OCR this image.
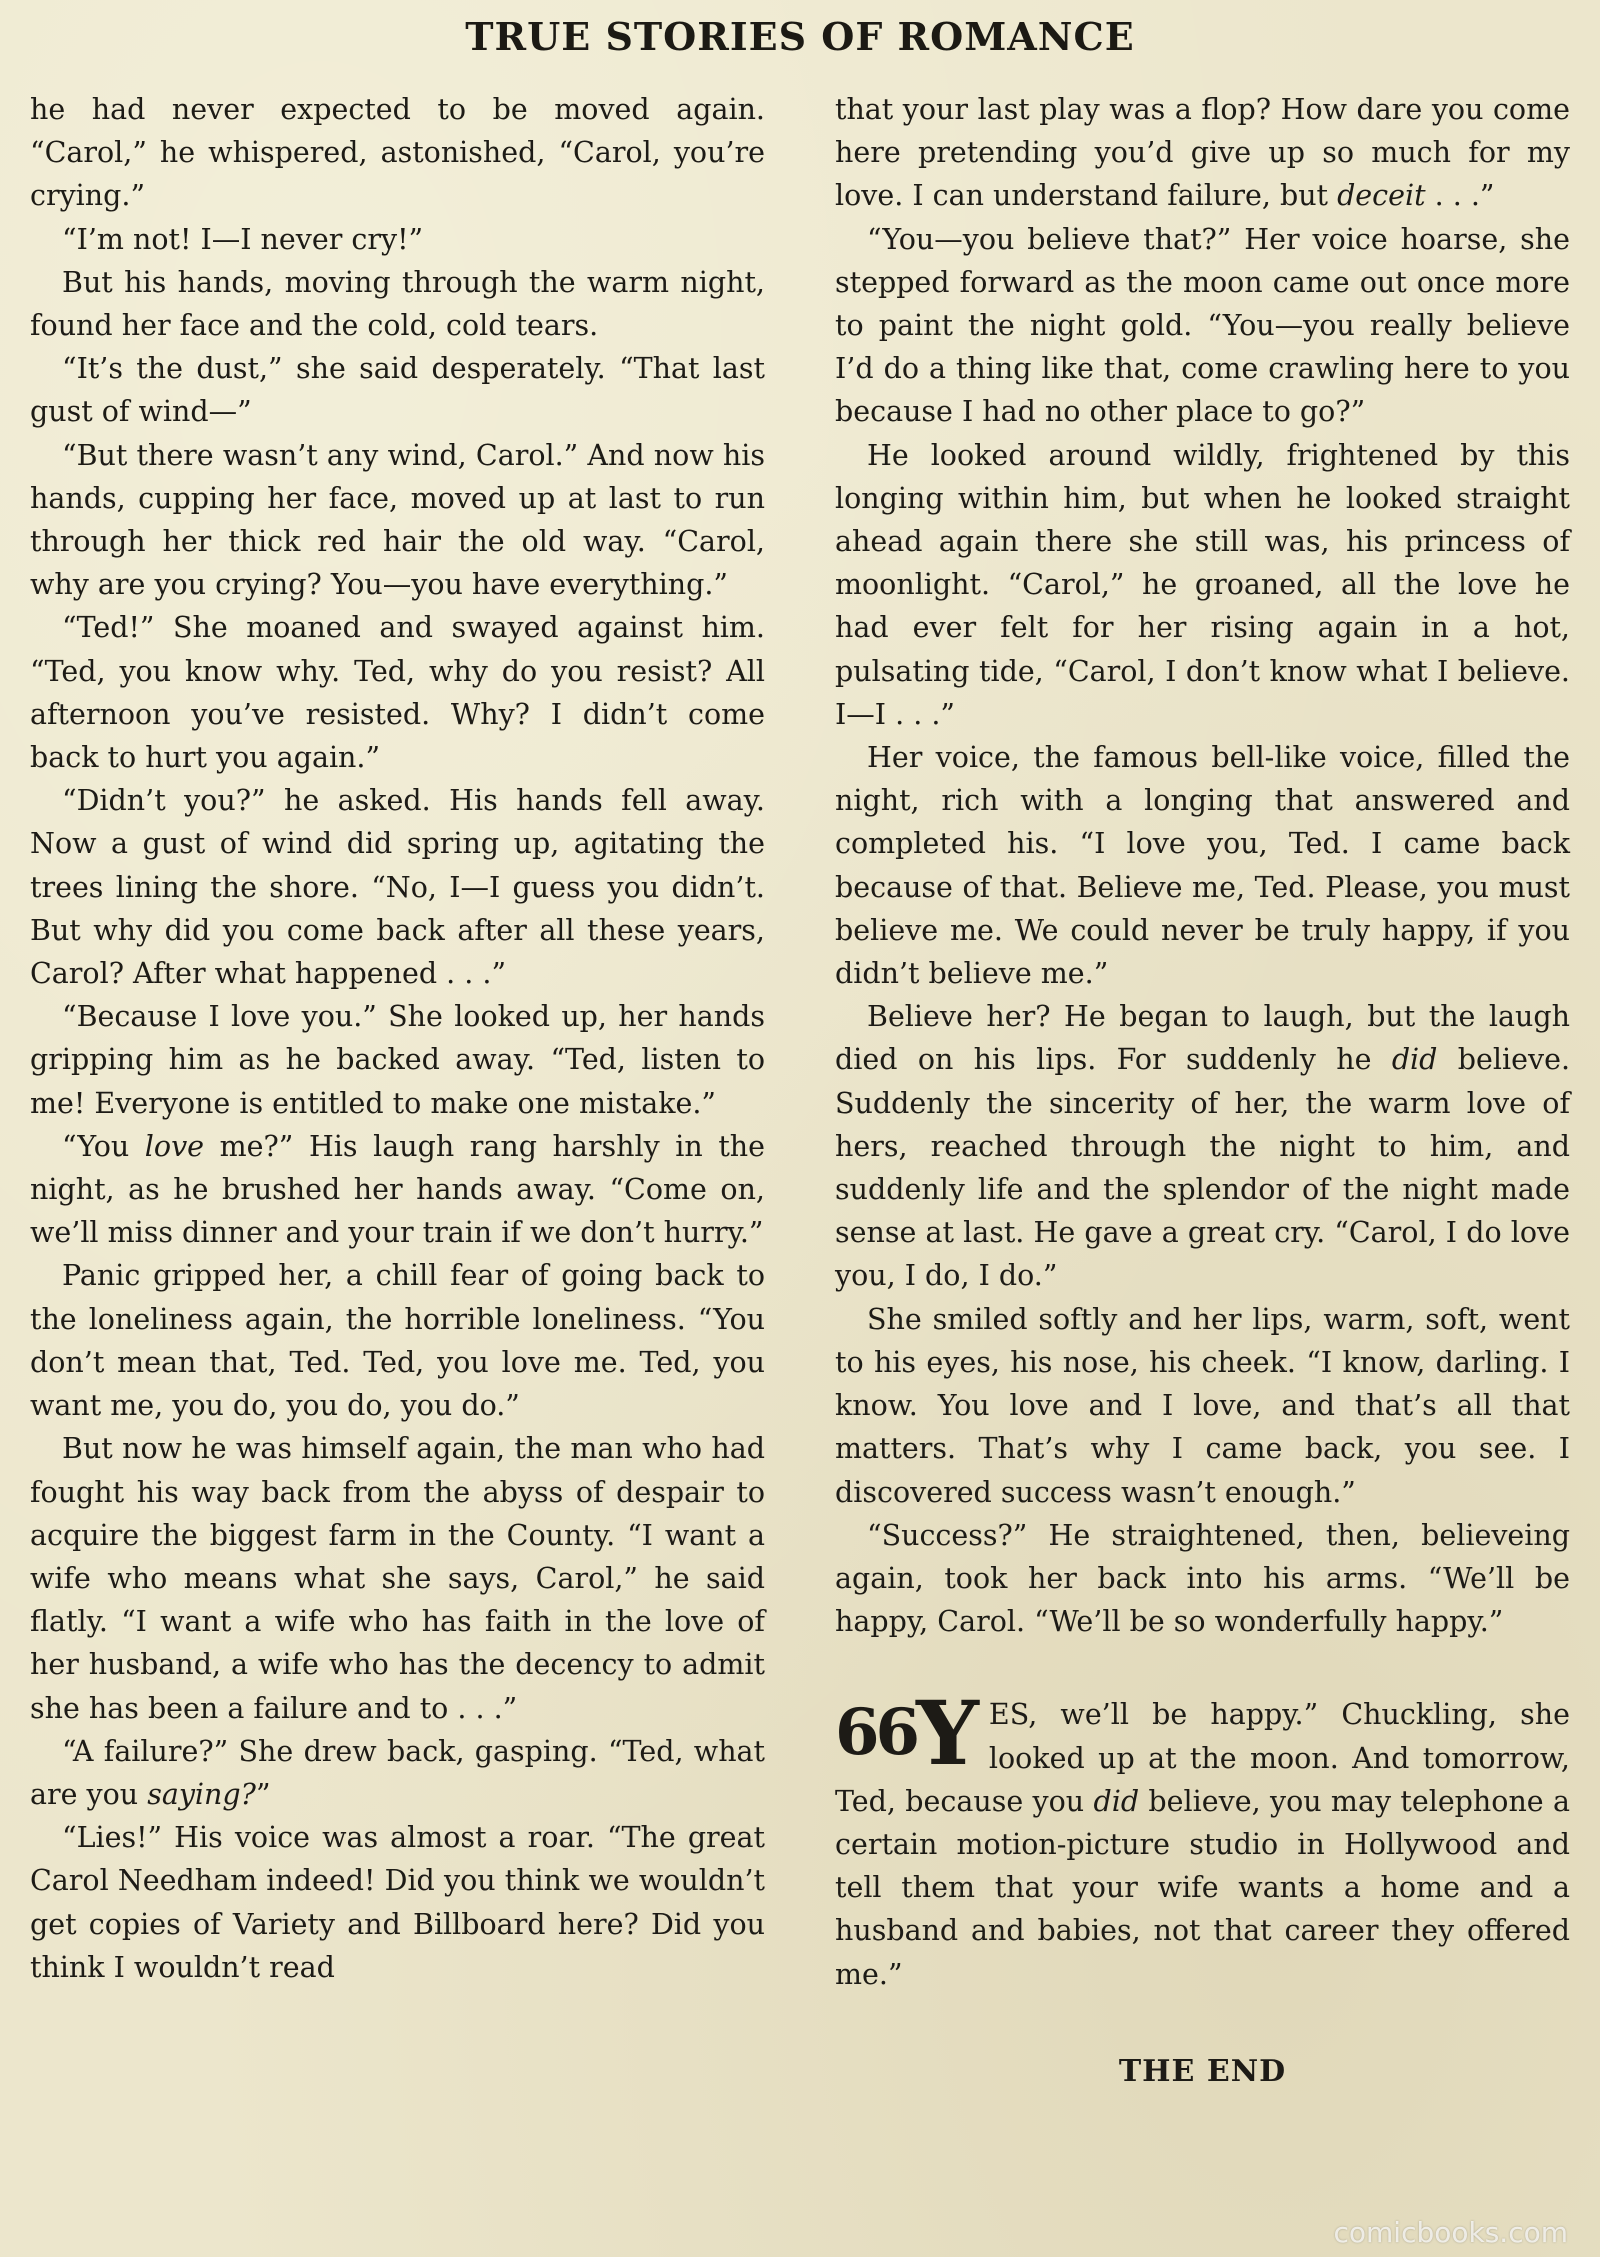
TRUE STORIES OF ROMANCE

he had never expected to be moved again. “Carol,” he whispered, astonished, “Carol, you’re crying.”

“I’m not! I—I never cry!”

But his hands, moving through the warm night, found her face and the cold, cold tears.

“It’s the dust,” she said desperately. “That last gust of wind—”

“But there wasn’t any wind, Carol.” And now his hands, cupping her face, moved up at last to run through her thick red hair the old way. “Carol, why are you crying? You—you have everything.”

“Ted!” She moaned and swayed against him. “Ted, you know why. Ted, why do you resist? All afternoon you’ve resisted. Why? I didn’t come back to hurt you again.”

“Didn’t you?” he asked. His hands fell away. Now a gust of wind did spring up, agitating the trees lining the shore. “No, I—I guess you didn’t. But why did you come back after all these years, Carol? After what happened . . .”

“Because I love you.” She looked up, her hands gripping him as he backed away. “Ted, listen to me! Everyone is entitled to make one mistake.”

“You love me?” His laugh rang harshly in the night, as he brushed her hands away. “Come on, we’ll miss dinner and your train if we don’t hurry.”

Panic gripped her, a chill fear of going back to the loneliness again, the horrible loneliness. “You don’t mean that, Ted. Ted, you love me. Ted, you want me, you do, you do, you do.”

But now he was himself again, the man who had fought his way back from the abyss of despair to acquire the biggest farm in the County. “I want a wife who means what she says, Carol,” he said flatly. “I want a wife who has faith in the love of her husband, a wife who has the decency to admit she has been a failure and to . . .”

“A failure?” She drew back, gasping. “Ted, what are you saying?”

“Lies!” His voice was almost a roar. “The great Carol Needham indeed! Did you think we wouldn’t get copies of Variety and Billboard here? Did you think I wouldn’t read

that your last play was a flop? How dare you come here pretending you’d give up so much for my love. I can understand failure, but deceit . . .”

“You—you believe that?” Her voice hoarse, she stepped forward as the moon came out once more to paint the night gold. “You—you really believe I’d do a thing like that, come crawling here to you because I had no other place to go?”

He looked around wildly, frightened by this longing within him, but when he looked straight ahead again there she still was, his princess of moonlight. “Carol,” he groaned, all the love he had ever felt for her rising again in a hot, pulsating tide, “Carol, I don’t know what I believe. I—I . . .”

Her voice, the famous bell-like voice, filled the night, rich with a longing that answered and completed his. “I love you, Ted. I came back because of that. Believe me, Ted. Please, you must believe me. We could never be truly happy, if you didn’t believe me.”

Believe her? He began to laugh, but the laugh died on his lips. For suddenly he did believe. Suddenly the sincerity of her, the warm love of hers, reached through the night to him, and suddenly life and the splendor of the night made sense at last. He gave a great cry. “Carol, I do love you, I do, I do.”

She smiled softly and her lips, warm, soft, went to his eyes, his nose, his cheek. “I know, darling. I know. You love and I love, and that’s all that matters. That’s why I came back, you see. I discovered success wasn’t enough.”

“Success?” He straightened, then, believeing again, took her back into his arms. “We’ll be happy, Carol. “We’ll be so wonderfully happy.”

$^{66}$Y ES, we’ll be happy.” Chuckling, she looked up at the moon. And tomorrow, Ted, because you did believe, you may telephone a certain motion-picture studio in Hollywood and tell them that your wife wants a home and a husband and babies, not that career they offered me.”

THE END
comicbooks.com
